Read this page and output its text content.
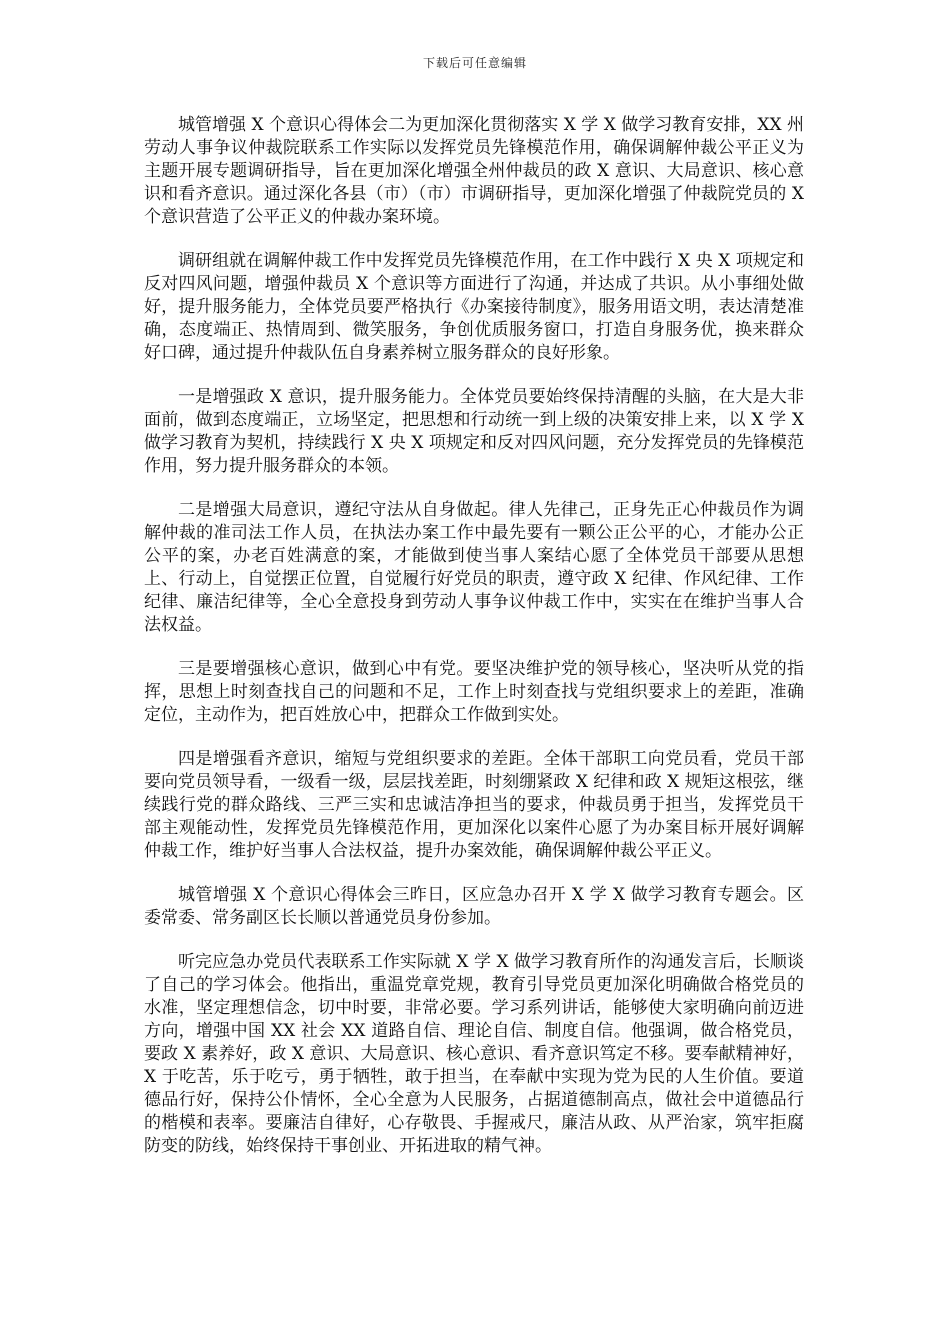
下载后可任意编辑

城管增强 X 个意识心得体会二为更加深化贯彻落实 X 学 X 做学习教育安排，XX 州劳动人事争议仲裁院联系工作实际以发挥党员先锋模范作用，确保调解仲裁公平正义为主题开展专题调研指导，旨在更加深化增强全州仲裁员的政 X 意识、大局意识、核心意识和看齐意识。通过深化各县（市）（市）市调研指导，更加深化增强了仲裁院党员的 X 个意识营造了公平正义的仲裁办案环境。

调研组就在调解仲裁工作中发挥党员先锋模范作用，在工作中践行 X 央 X 项规定和反对四风问题，增强仲裁员 X 个意识等方面进行了沟通，并达成了共识。从小事细处做好，提升服务能力，全体党员要严格执行《办案接待制度》，服务用语文明，表达清楚准确，态度端正、热情周到、微笑服务，争创优质服务窗口，打造自身服务优，换来群众好口碑，通过提升仲裁队伍自身素养树立服务群众的良好形象。

一是增强政 X 意识，提升服务能力。全体党员要始终保持清醒的头脑，在大是大非面前，做到态度端正，立场坚定，把思想和行动统一到上级的决策安排上来，以 X 学 X 做学习教育为契机，持续践行 X 央 X 项规定和反对四风问题，充分发挥党员的先锋模范作用，努力提升服务群众的本领。

二是增强大局意识，遵纪守法从自身做起。律人先律己，正身先正心仲裁员作为调解仲裁的准司法工作人员，在执法办案工作中最先要有一颗公正公平的心，才能办公正公平的案，办老百姓满意的案，才能做到使当事人案结心愿了全体党员干部要从思想上、行动上，自觉摆正位置，自觉履行好党员的职责，遵守政 X 纪律、作风纪律、工作纪律、廉洁纪律等，全心全意投身到劳动人事争议仲裁工作中，实实在在维护当事人合法权益。

三是要增强核心意识，做到心中有党。要坚决维护党的领导核心，坚决听从党的指挥，思想上时刻查找自己的问题和不足，工作上时刻查找与党组织要求上的差距，准确定位，主动作为，把百姓放心中，把群众工作做到实处。

四是增强看齐意识，缩短与党组织要求的差距。全体干部职工向党员看，党员干部要向党员领导看，一级看一级，层层找差距，时刻绷紧政 X 纪律和政 X 规矩这根弦，继续践行党的群众路线、三严三实和忠诚洁净担当的要求，仲裁员勇于担当，发挥党员干部主观能动性，发挥党员先锋模范作用，更加深化以案件心愿了为办案目标开展好调解仲裁工作，维护好当事人合法权益，提升办案效能，确保调解仲裁公平正义。

城管增强 X 个意识心得体会三昨日，区应急办召开 X 学 X 做学习教育专题会。区委常委、常务副区长长顺以普通党员身份参加。

听完应急办党员代表联系工作实际就 X 学 X 做学习教育所作的沟通发言后，长顺谈了自己的学习体会。他指出，重温党章党规，教育引导党员更加深化明确做合格党员的水准，坚定理想信念，切中时要，非常必要。学习系列讲话，能够使大家明确向前迈进方向，增强中国 XX 社会 XX 道路自信、理论自信、制度自信。他强调，做合格党员，要政 X 素养好，政 X 意识、大局意识、核心意识、看齐意识笃定不移。要奉献精神好，X 于吃苦，乐于吃亏，勇于牺牲，敢于担当，在奉献中实现为党为民的人生价值。要道德品行好，保持公仆情怀，全心全意为人民服务，占据道德制高点，做社会中道德品行的楷模和表率。要廉洁自律好，心存敬畏、手握戒尺，廉洁从政、从严治家，筑牢拒腐防变的防线，始终保持干事创业、开拓进取的精气神。
